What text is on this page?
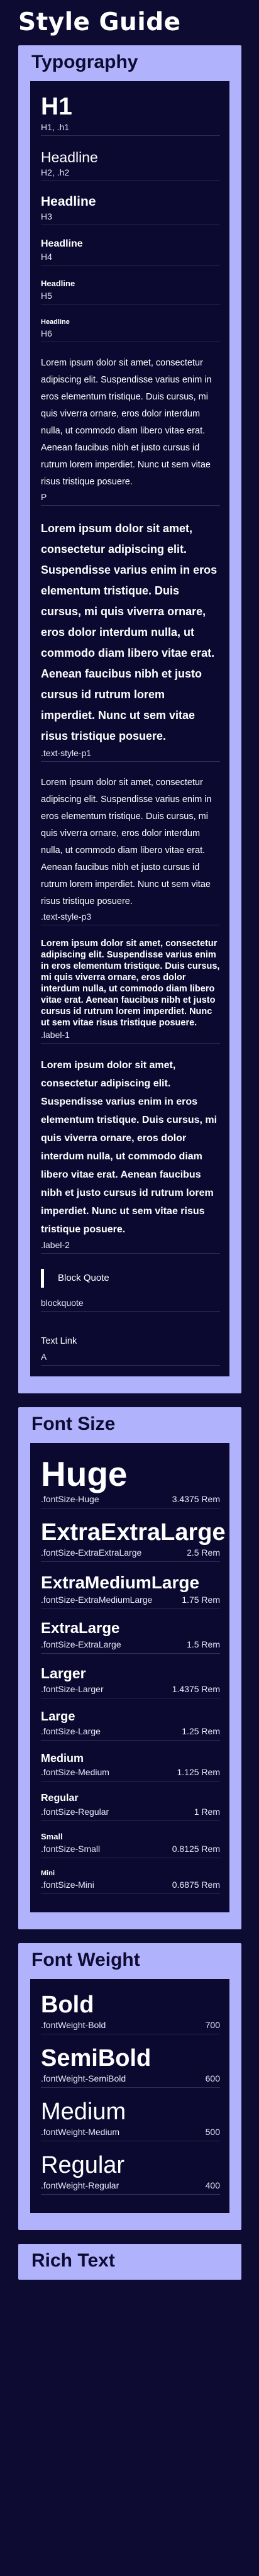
Style Guide
Typography
H1
H1, .h1
Headline
H2, .h2
Headline
H3
Headline
H4
Headline
H5
Headline
H6
Lorem ipsum dolor sit amet, consectetur adipiscing elit. Suspendisse varius enim in eros elementum tristique. Duis cursus, mi quis viverra ornare, eros dolor interdum nulla, ut commodo diam libero vitae erat. Aenean faucibus nibh et justo cursus id rutrum lorem imperdiet. Nunc ut sem vitae risus tristique posuere.
P
Lorem ipsum dolor sit amet, consectetur adipiscing elit. Suspendisse varius enim in eros elementum tristique. Duis cursus, mi quis viverra ornare, eros dolor interdum nulla, ut commodo diam libero vitae erat. Aenean faucibus nibh et justo cursus id rutrum lorem imperdiet. Nunc ut sem vitae risus tristique posuere.
.text-style-p1
Lorem ipsum dolor sit amet, consectetur adipiscing elit. Suspendisse varius enim in eros elementum tristique. Duis cursus, mi quis viverra ornare, eros dolor interdum nulla, ut commodo diam libero vitae erat. Aenean faucibus nibh et justo cursus id rutrum lorem imperdiet. Nunc ut sem vitae risus tristique posuere.
.text-style-p3
Lorem ipsum dolor sit amet, consectetur adipiscing elit. Suspendisse varius enim in eros elementum tristique. Duis cursus, mi quis viverra ornare, eros dolor interdum nulla, ut commodo diam libero vitae erat. Aenean faucibus nibh et justo cursus id rutrum lorem imperdiet. Nunc ut sem vitae risus tristique posuere.
.label-1
Lorem ipsum dolor sit amet, consectetur adipiscing elit. Suspendisse varius enim in eros elementum tristique. Duis cursus, mi quis viverra ornare, eros dolor interdum nulla, ut commodo diam libero vitae erat. Aenean faucibus nibh et justo cursus id rutrum lorem imperdiet. Nunc ut sem vitae risus tristique posuere.
.label-2
Block Quote
blockquote
Text Link
A
Font Size
Huge
.fontSize-Huge	3.4375 Rem
ExtraExtraLarge
.fontSize-ExtraExtraLarge	2.5 Rem
ExtraMediumLarge
.fontSize-ExtraMediumLarge	1.75 Rem
ExtraLarge
.fontSize-ExtraLarge	1.5 Rem
Larger
.fontSize-Larger	1.4375 Rem
Large
.fontSize-Large	1.25 Rem
Medium
.fontSize-Medium	1.125 Rem
Regular
.fontSize-Regular	1 Rem
Small
.fontSize-Small	0.8125 Rem
Mini
.fontSize-Mini	0.6875 Rem
Font Weight
Bold
.fontWeight-Bold	700
SemiBold
.fontWeight-SemiBold	600
Medium
.fontWeight-Medium	500
Regular
.fontWeight-Regular	400
Rich Text
